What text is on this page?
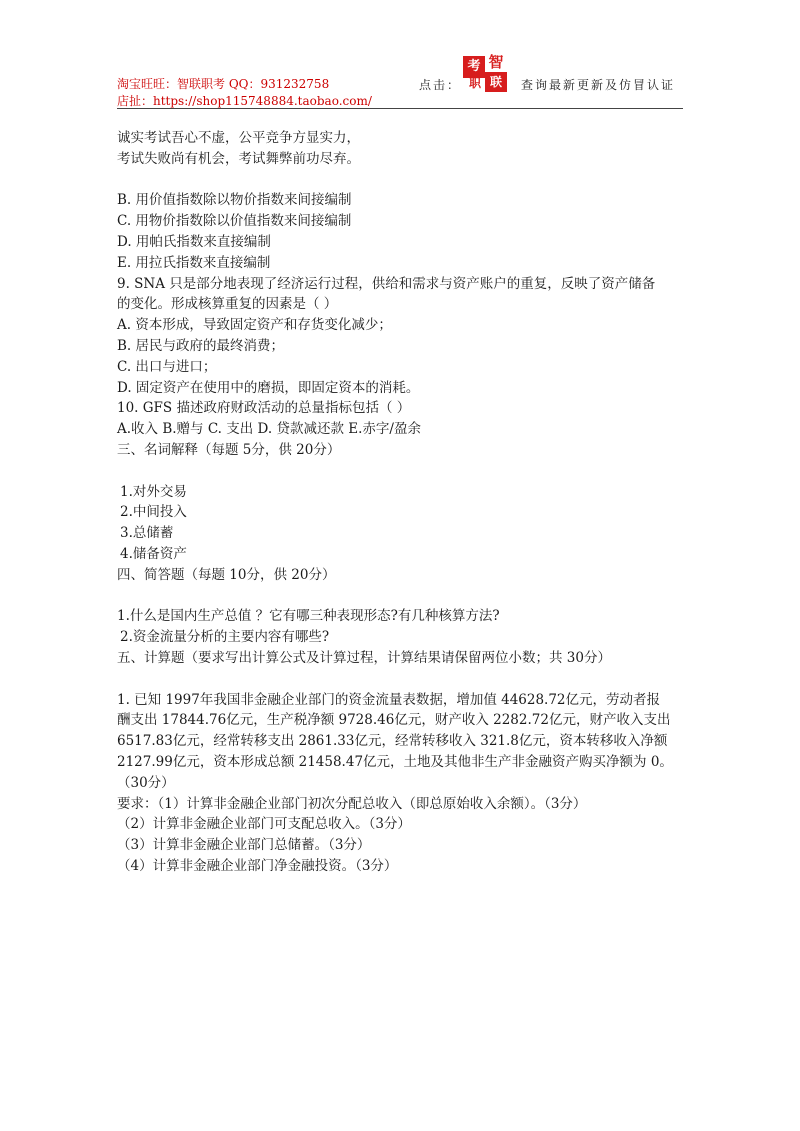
淘宝旺旺：智联职考 QQ：931232758
店扯：https://shop115748884.taobao.com/
点击：
考 智
职 联	查询最新更新及仿冒认证

诚实考试吾心不虚，公平竞争方显实力，

考试失败尚有机会，考试舞弊前功尽弃。

B. 用价值指数除以物价指数来间接编制

C. 用物价指数除以价值指数来间接编制

D. 用帕氏指数来直接编制

E. 用拉氏指数来直接编制

9. SNA 只是部分地表现了经济运行过程，供给和需求与资产账户的重复，反映了资产储备

的变化。形成核算重复的因素是（ ）

A. 资本形成，导致固定资产和存货变化减少；

B. 居民与政府的最终消费；

C. 出口与进口；

D. 固定资产在使用中的磨损，即固定资本的消耗。

10. GFS 描述政府财政活动的总量指标包括（ ）

A.收入 B.赠与 C. 支出 D. 贷款减还款 E.赤字/盈余

三、名词解释（每题 5分，供 20分）

1.对外交易

2.中间投入

3.总储蓄

4.储备资产

四、简答题（每题 10分，供 20分）

1.什么是国内生产总值 ？它有哪三种表现形态?有几种核算方法?

2.资金流量分析的主要内容有哪些?

五、计算题（要求写出计算公式及计算过程，计算结果请保留两位小数；共 30分）

1. 已知 1997年我国非金融企业部门的资金流量表数据，增加值 44628.72亿元，劳动者报

酬支出 17844.76亿元，生产税净额 9728.46亿元，财产收入 2282.72亿元，财产收入支出

6517.83亿元，经常转移支出 2861.33亿元，经常转移收入 321.8亿元，资本转移收入净额

2127.99亿元，资本形成总额 21458.47亿元，土地及其他非生产非金融资产购买净额为 0。

（30分）

要求：（1）计算非金融企业部门初次分配总收入（即总原始收入余额）。（3分）

（2）计算非金融企业部门可支配总收入。（3分）

（3）计算非金融企业部门总储蓄。（3分）

（4）计算非金融企业部门净金融投资。（3分）
